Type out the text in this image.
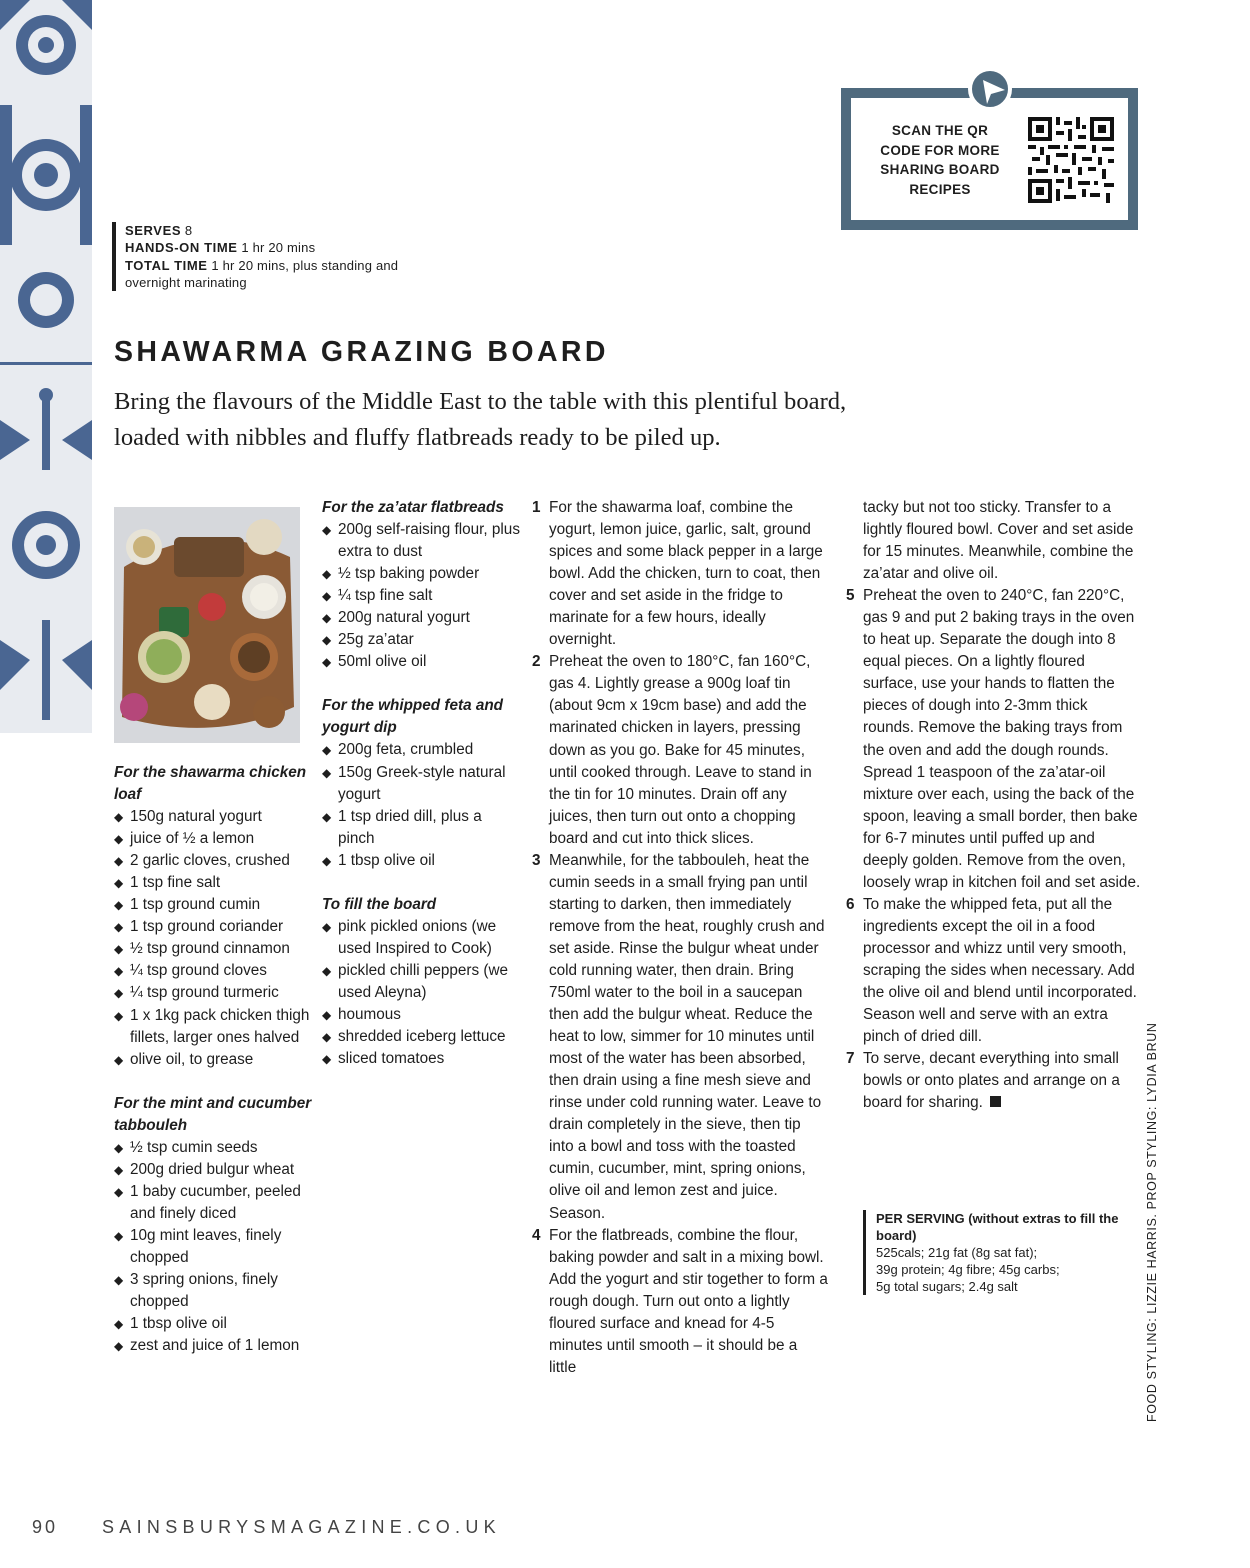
SCAN THE QR
CODE FOR MORE
SHARING BOARD
RECIPES
SERVES 8
HANDS-ON TIME 1 hr 20 mins
TOTAL TIME 1 hr 20 mins, plus standing and overnight marinating
SHAWARMA GRAZING BOARD

Bring the flavours of the Middle East to the table with this plentiful board, loaded with nibbles and fluffy flatbreads ready to be piled up.

For the shawarma chicken loaf
◆ 150g natural yogurt
◆ juice of ½ a lemon
◆ 2 garlic cloves, crushed
◆ 1 tsp fine salt
◆ 1 tsp ground cumin
◆ 1 tsp ground coriander
◆ ½ tsp ground cinnamon
◆ ¼ tsp ground cloves
◆ ¼ tsp ground turmeric
◆ 1 x 1kg pack chicken thigh fillets, larger ones halved
◆ olive oil, to grease
For the mint and cucumber tabbouleh
◆ ½ tsp cumin seeds
◆ 200g dried bulgur wheat
◆ 1 baby cucumber, peeled and finely diced
◆ 10g mint leaves, finely chopped
◆ 3 spring onions, finely chopped
◆ 1 tbsp olive oil
◆ zest and juice of 1 lemon
For the za’atar flatbreads
◆ 200g self-raising flour, plus extra to dust
◆ ½ tsp baking powder
◆ ¼ tsp fine salt
◆ 200g natural yogurt
◆ 25g za’atar
◆ 50ml olive oil
For the whipped feta and yogurt dip
◆ 200g feta, crumbled
◆ 150g Greek-style natural yogurt
◆ 1 tsp dried dill, plus a pinch
◆ 1 tbsp olive oil
To fill the board
◆ pink pickled onions (we used Inspired to Cook)
◆ pickled chilli peppers (we used Aleyna)
◆ houmous
◆ shredded iceberg lettuce
◆ sliced tomatoes
1 For the shawarma loaf, combine the yogurt, lemon juice, garlic, salt, ground spices and some black pepper in a large bowl. Add the chicken, turn to coat, then cover and set aside in the fridge to marinate for a few hours, ideally overnight.
2 Preheat the oven to 180°C, fan 160°C, gas 4. Lightly grease a 900g loaf tin (about 9cm x 19cm base) and add the marinated chicken in layers, pressing down as you go. Bake for 45 minutes, until cooked through. Leave to stand in the tin for 10 minutes. Drain off any juices, then turn out onto a chopping board and cut into thick slices.
3 Meanwhile, for the tabbouleh, heat the cumin seeds in a small frying pan until starting to darken, then immediately remove from the heat, roughly crush and set aside. Rinse the bulgur wheat under cold running water, then drain. Bring 750ml water to the boil in a saucepan then add the bulgur wheat. Reduce the heat to low, simmer for 10 minutes until most of the water has been absorbed, then drain using a fine mesh sieve and rinse under cold running water. Leave to drain completely in the sieve, then tip into a bowl and toss with the toasted cumin, cucumber, mint, spring onions, olive oil and lemon zest and juice. Season.
4 For the flatbreads, combine the flour, baking powder and salt in a mixing bowl. Add the yogurt and stir together to form a rough dough. Turn out onto a lightly floured surface and knead for 4-5 minutes until smooth – it should be a little
tacky but not too sticky. Transfer to a lightly floured bowl. Cover and set aside for 15 minutes. Meanwhile, combine the za’atar and olive oil.
5 Preheat the oven to 240°C, fan 220°C, gas 9 and put 2 baking trays in the oven to heat up. Separate the dough into 8 equal pieces. On a lightly floured surface, use your hands to flatten the pieces of dough into 2-3mm thick rounds. Remove the baking trays from the oven and add the dough rounds. Spread 1 teaspoon of the za’atar-oil mixture over each, using the back of the spoon, leaving a small border, then bake for 6-7 minutes until puffed up and deeply golden. Remove from the oven, loosely wrap in kitchen foil and set aside.
6 To make the whipped feta, put all the ingredients except the oil in a food processor and whizz until very smooth, scraping the sides when necessary. Add the olive oil and blend until incorporated. Season well and serve with an extra pinch of dried dill.
7 To serve, decant everything into small bowls or onto plates and arrange on a board for sharing.
PER SERVING (without extras to fill the board)
525cals; 21g fat (8g sat fat);
39g protein; 4g fibre; 45g carbs;
5g total sugars; 2.4g salt	FOOD STYLING: LIZZIE HARRIS. PROP STYLING: LYDIA BRUN
90 SAINSBURYSMAGAZINE.CO.UK
